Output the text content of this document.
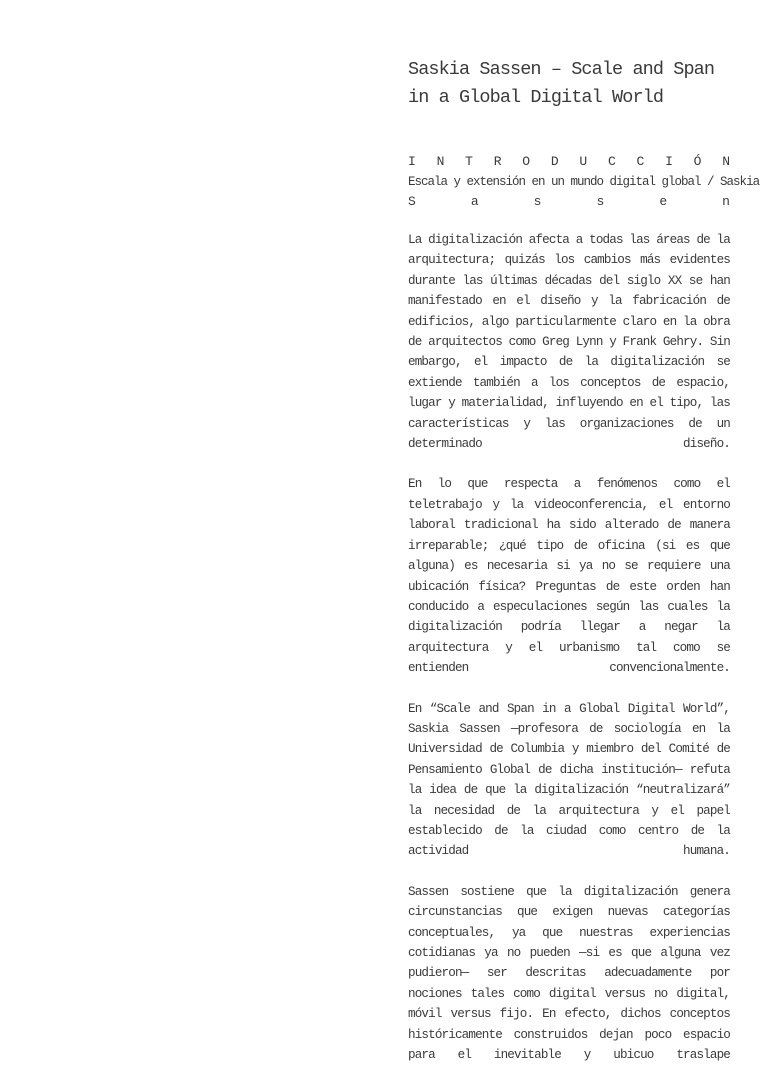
Saskia Sassen – Scale and Span in a Global Digital World
I N T R O D U C C I Ó N
Escala y extensión en un mundo digital global / Saskia
S	a	s	s	e	n

La digitalización afecta a todas las áreas de la arquitectura; quizás los cambios más evidentes durante las últimas décadas del siglo XX se han manifestado en el diseño y la fabricación de edificios, algo particularmente claro en la obra de arquitectos como Greg Lynn y Frank Gehry. Sin embargo, el impacto de la digitalización se extiende también a los conceptos de espacio, lugar y materialidad, influyendo en el tipo, las características y las organizaciones de un determinado diseño.

En lo que respecta a fenómenos como el teletrabajo y la videoconferencia, el entorno laboral tradicional ha sido alterado de manera irreparable; ¿qué tipo de oficina (si es que alguna) es necesaria si ya no se requiere una ubicación física? Preguntas de este orden han conducido a especulaciones según las cuales la digitalización podría llegar a negar la arquitectura y el urbanismo tal como se entienden convencionalmente.

En “Scale and Span in a Global Digital World”, Saskia Sassen —profesora de sociología en la Universidad de Columbia y miembro del Comité de Pensamiento Global de dicha institución— refuta la idea de que la digitalización “neutralizará” la necesidad de la arquitectura y el papel establecido de la ciudad como centro de la actividad humana.

Sassen sostiene que la digitalización genera circunstancias que exigen nuevas categorías conceptuales, ya que nuestras experiencias cotidianas ya no pueden —si es que alguna vez pudieron— ser descritas adecuadamente por nociones tales como digital versus no digital, móvil versus fijo. En efecto, dichos conceptos históricamente construidos dejan poco espacio para el inevitable y ubicuo traslape
